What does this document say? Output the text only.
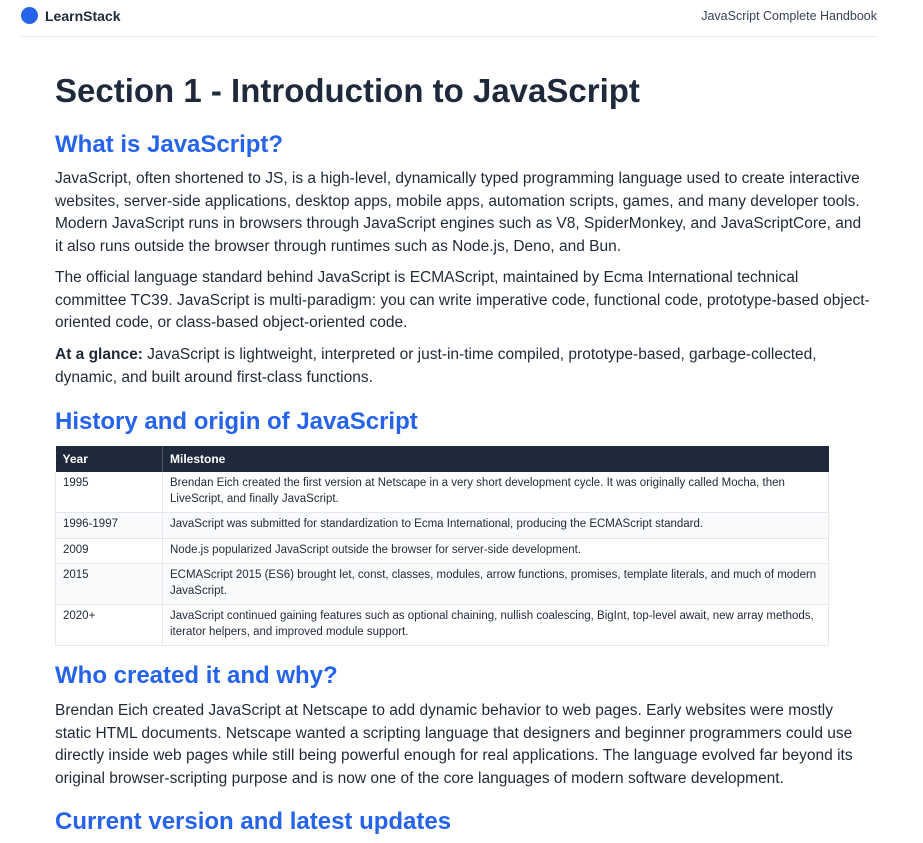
LearnStack	JavaScript Complete Handbook
Section 1 - Introduction to JavaScript
What is JavaScript?

JavaScript, often shortened to JS, is a high-level, dynamically typed programming language used to create interactive websites, server-side applications, desktop apps, mobile apps, automation scripts, games, and many developer tools. Modern JavaScript runs in browsers through JavaScript engines such as V8, SpiderMonkey, and JavaScriptCore, and it also runs outside the browser through runtimes such as Node.js, Deno, and Bun.

The official language standard behind JavaScript is ECMAScript, maintained by Ecma International technical committee TC39. JavaScript is multi-paradigm: you can write imperative code, functional code, prototype-based object-oriented code, or class-based object-oriented code.

At a glance: JavaScript is lightweight, interpreted or just-in-time compiled, prototype-based, garbage-collected, dynamic, and built around first-class functions.

History and origin of JavaScript
Year	Milestone
1995	Brendan Eich created the first version at Netscape in a very short development cycle. It was originally called Mocha, then LiveScript, and finally JavaScript.
1996-1997	JavaScript was submitted for standardization to Ecma International, producing the ECMAScript standard.
2009	Node.js popularized JavaScript outside the browser for server-side development.
2015	ECMAScript 2015 (ES6) brought let, const, classes, modules, arrow functions, promises, template literals, and much of modern JavaScript.
2020+	JavaScript continued gaining features such as optional chaining, nullish coalescing, BigInt, top-level await, new array methods, iterator helpers, and improved module support.
Who created it and why?

Brendan Eich created JavaScript at Netscape to add dynamic behavior to web pages. Early websites were mostly static HTML documents. Netscape wanted a scripting language that designers and beginner programmers could use directly inside web pages while still being powerful enough for real applications. The language evolved far beyond its original browser-scripting purpose and is now one of the core languages of modern software development.

Current version and latest updates
